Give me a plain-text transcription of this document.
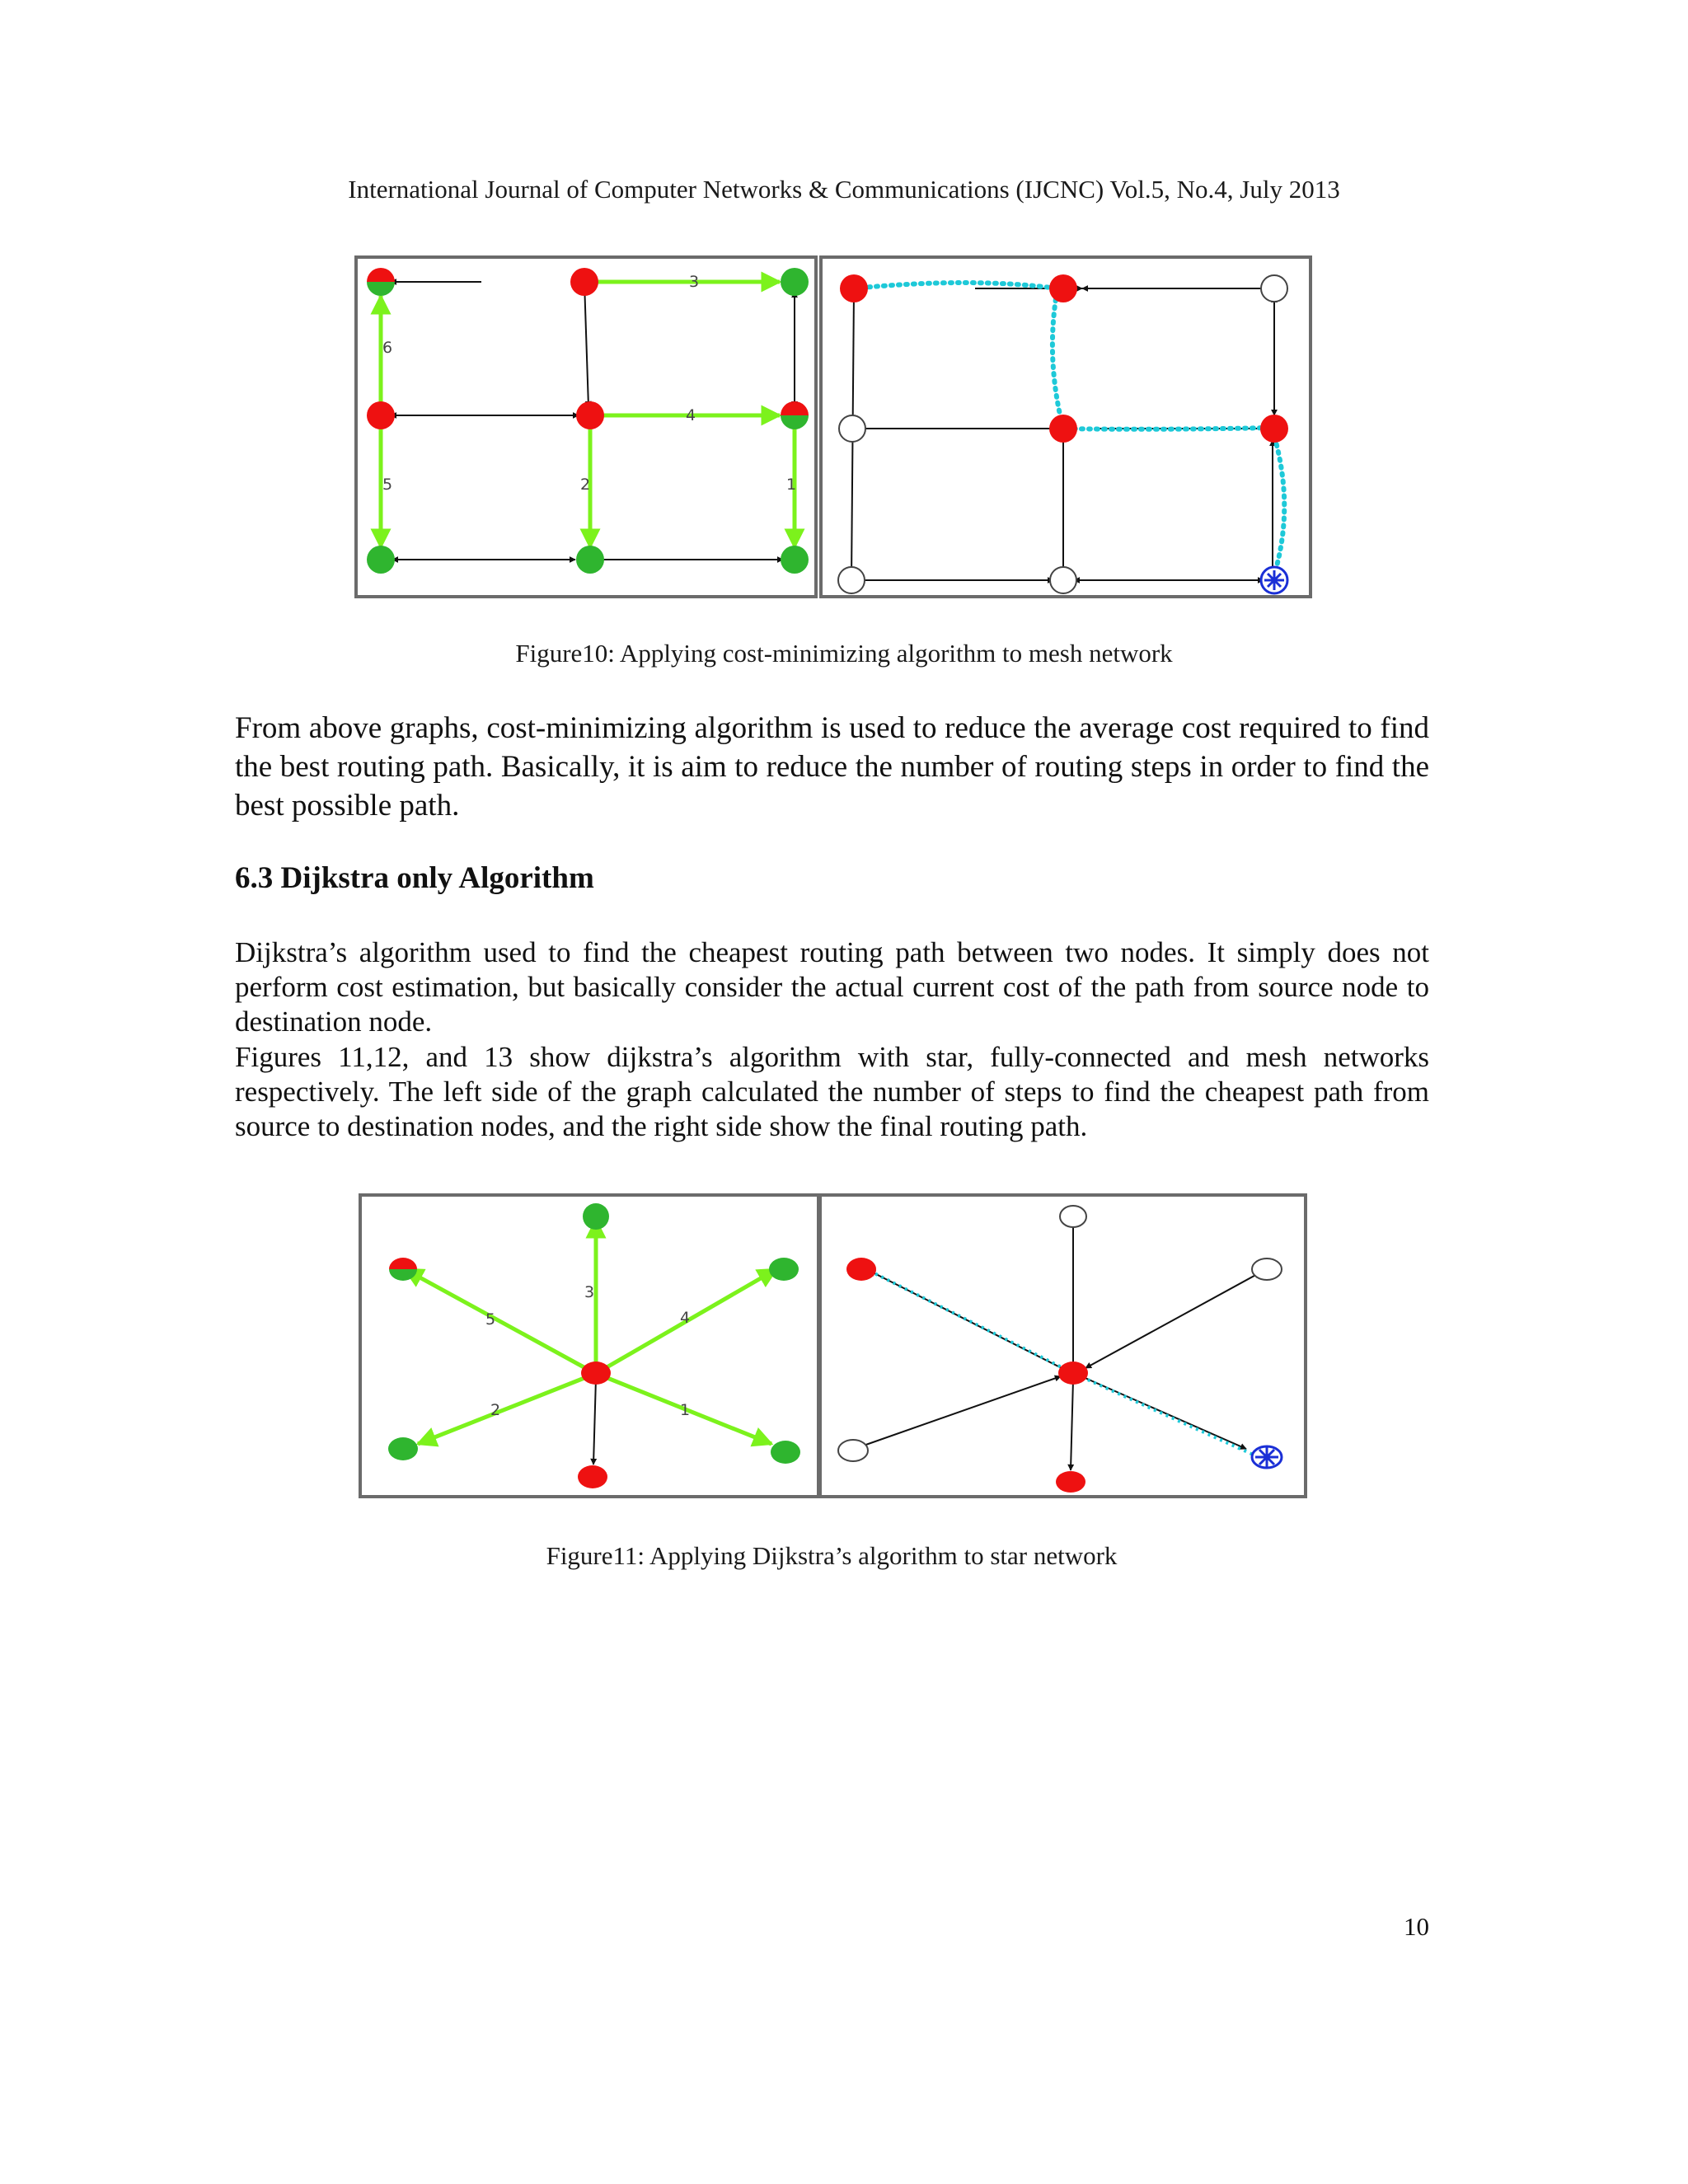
International Journal of Computer Networks & Communications (IJCNC) Vol.5, No.4, July 2013
3
6
4
5	2	1
Figure10: Applying cost-minimizing algorithm to mesh network
From above graphs, cost-minimizing algorithm is used to reduce the average cost required to find the best routing path. Basically, it is aim to reduce the number of routing steps in order to find the best possible path.
6.3 Dijkstra only Algorithm
Dijkstra’s algorithm used to find the cheapest routing path between two nodes. It simply does not perform cost estimation, but basically consider the actual current cost of the path from source node to destination node.
Figures 11,12, and 13 show dijkstra’s algorithm with star, fully-connected and mesh networks respectively. The left side of the graph calculated the number of steps to find the cheapest path from source to destination nodes, and the right side show the final routing path.
3
5	4
2	1
Figure11: Applying Dijkstra’s algorithm to star network
10
